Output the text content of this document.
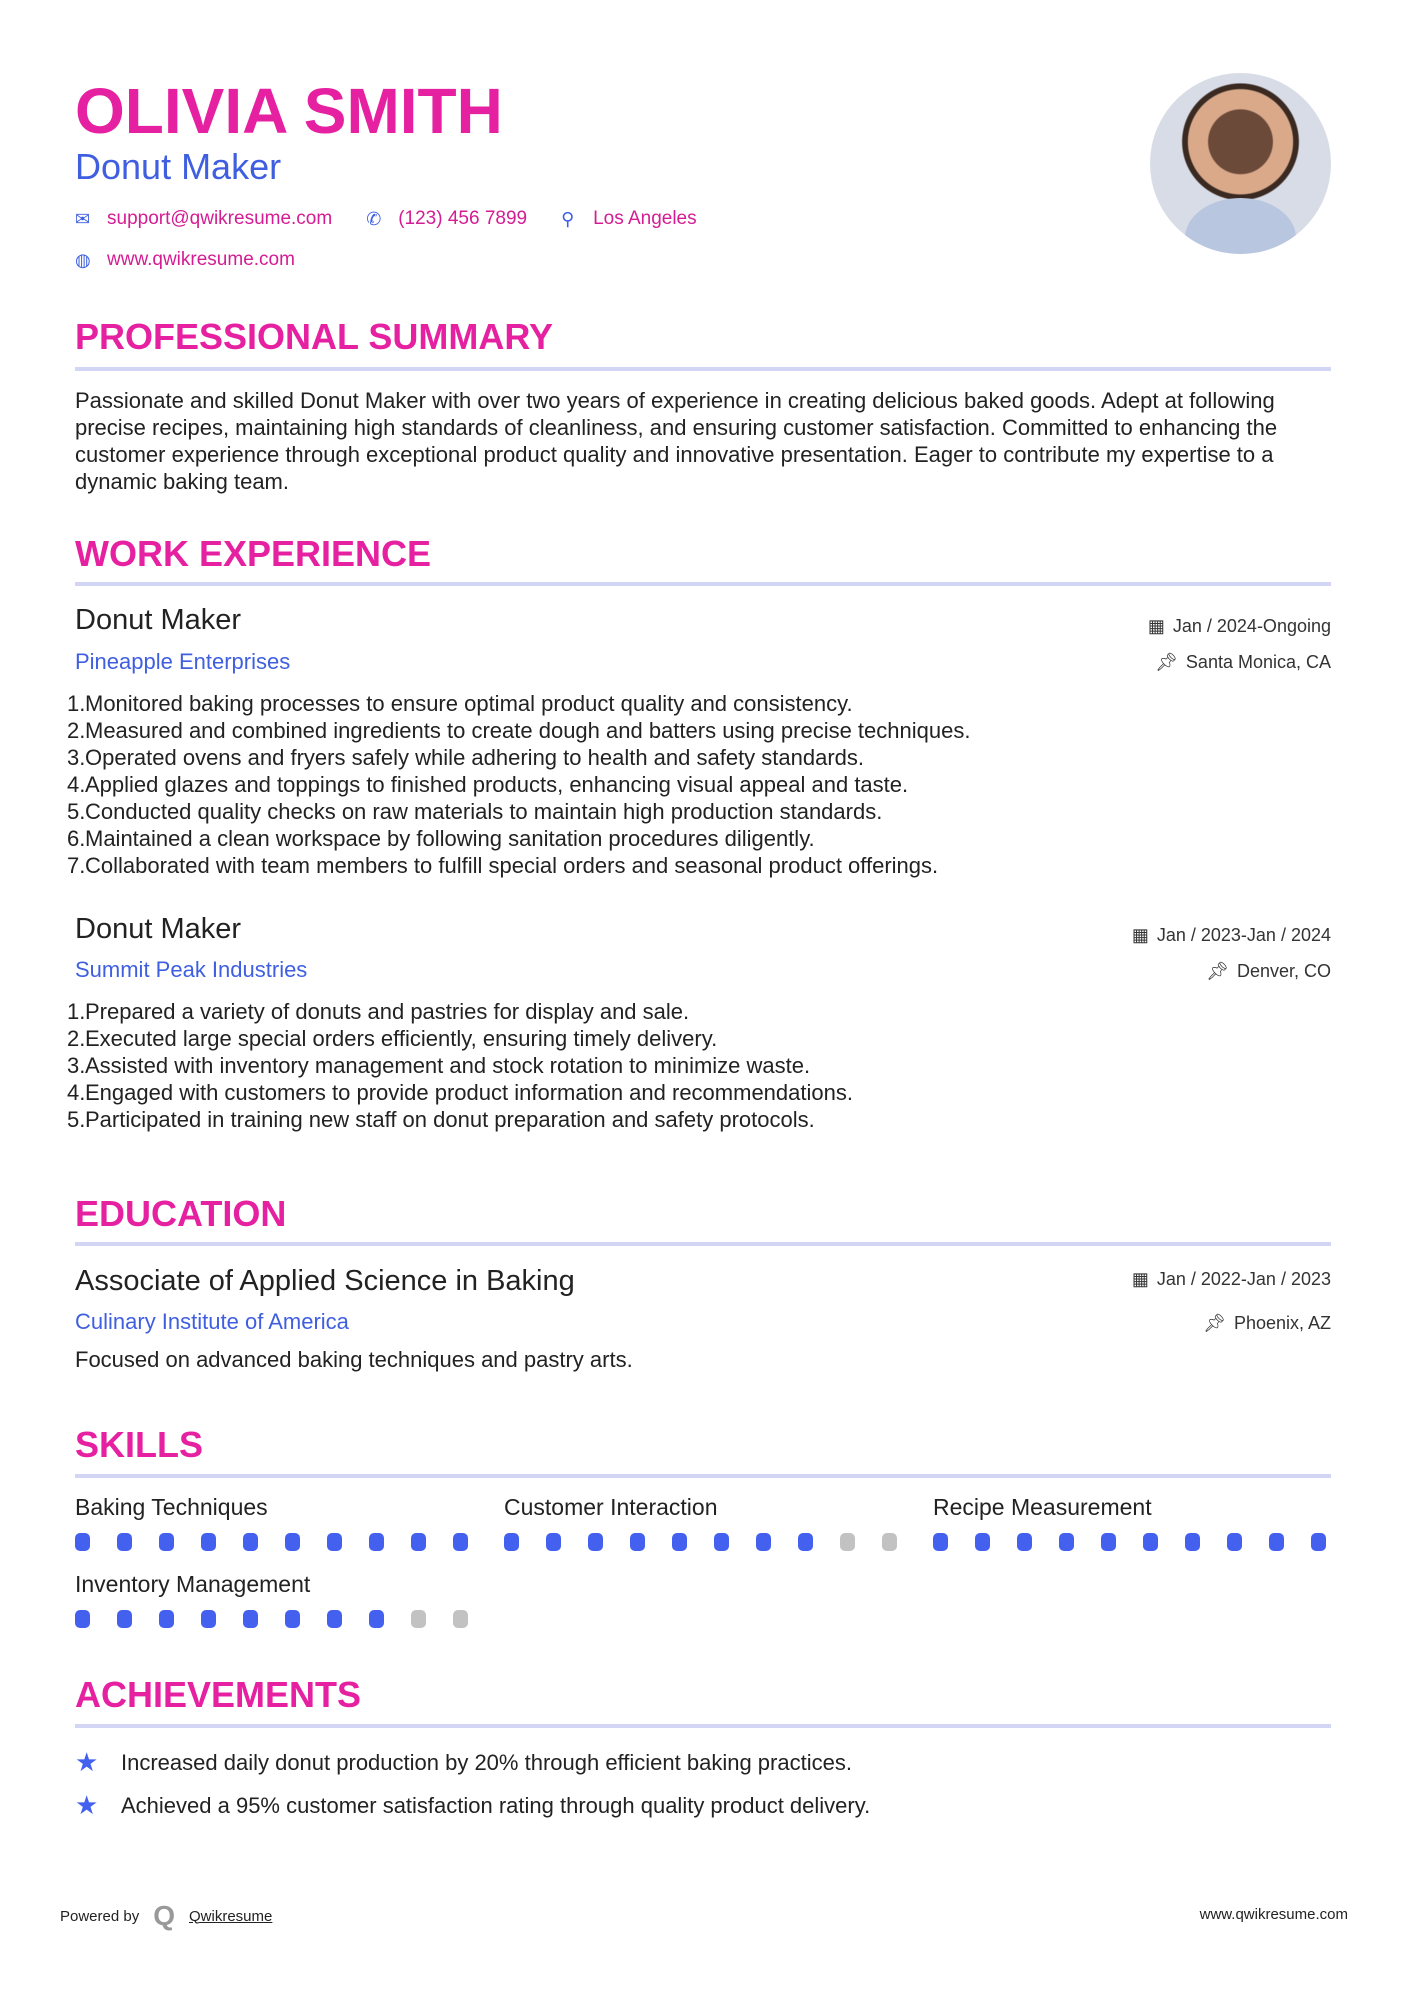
OLIVIA SMITH
Donut Maker
✉ support@qwikresume.com ✆ (123) 456 7899 ⚲ Los Angeles
◍ www.qwikresume.com
PROFESSIONAL SUMMARY
Passionate and skilled Donut Maker with over two years of experience in creating delicious baked goods. Adept at following precise recipes, maintaining high standards of cleanliness, and ensuring customer satisfaction. Committed to enhancing the customer experience through exceptional product quality and innovative presentation. Eager to contribute my expertise to a dynamic baking team.
WORK EXPERIENCE
Donut Maker	▦ Jan / 2024-Ongoing
Pineapple Enterprises	📌︎ Santa Monica, CA
1.Monitored baking processes to ensure optimal product quality and consistency.
2.Measured and combined ingredients to create dough and batters using precise techniques.
3.Operated ovens and fryers safely while adhering to health and safety standards.
4.Applied glazes and toppings to finished products, enhancing visual appeal and taste.
5.Conducted quality checks on raw materials to maintain high production standards.
6.Maintained a clean workspace by following sanitation procedures diligently.
7.Collaborated with team members to fulfill special orders and seasonal product offerings.
Donut Maker	▦ Jan / 2023-Jan / 2024
Summit Peak Industries	📌︎ Denver, CO
1.Prepared a variety of donuts and pastries for display and sale.
2.Executed large special orders efficiently, ensuring timely delivery.
3.Assisted with inventory management and stock rotation to minimize waste.
4.Engaged with customers to provide product information and recommendations.
5.Participated in training new staff on donut preparation and safety protocols.
EDUCATION
Associate of Applied Science in Baking	▦ Jan / 2022-Jan / 2023
Culinary Institute of America	📌︎ Phoenix, AZ
Focused on advanced baking techniques and pastry arts.
SKILLS
Baking Techniques	Customer Interaction	Recipe Measurement
Inventory Management
ACHIEVEMENTS
★	Increased daily donut production by 20% through efficient baking practices.
★	Achieved a 95% customer satisfaction rating through quality product delivery.
Powered by Q Qwikresume	www.qwikresume.com
